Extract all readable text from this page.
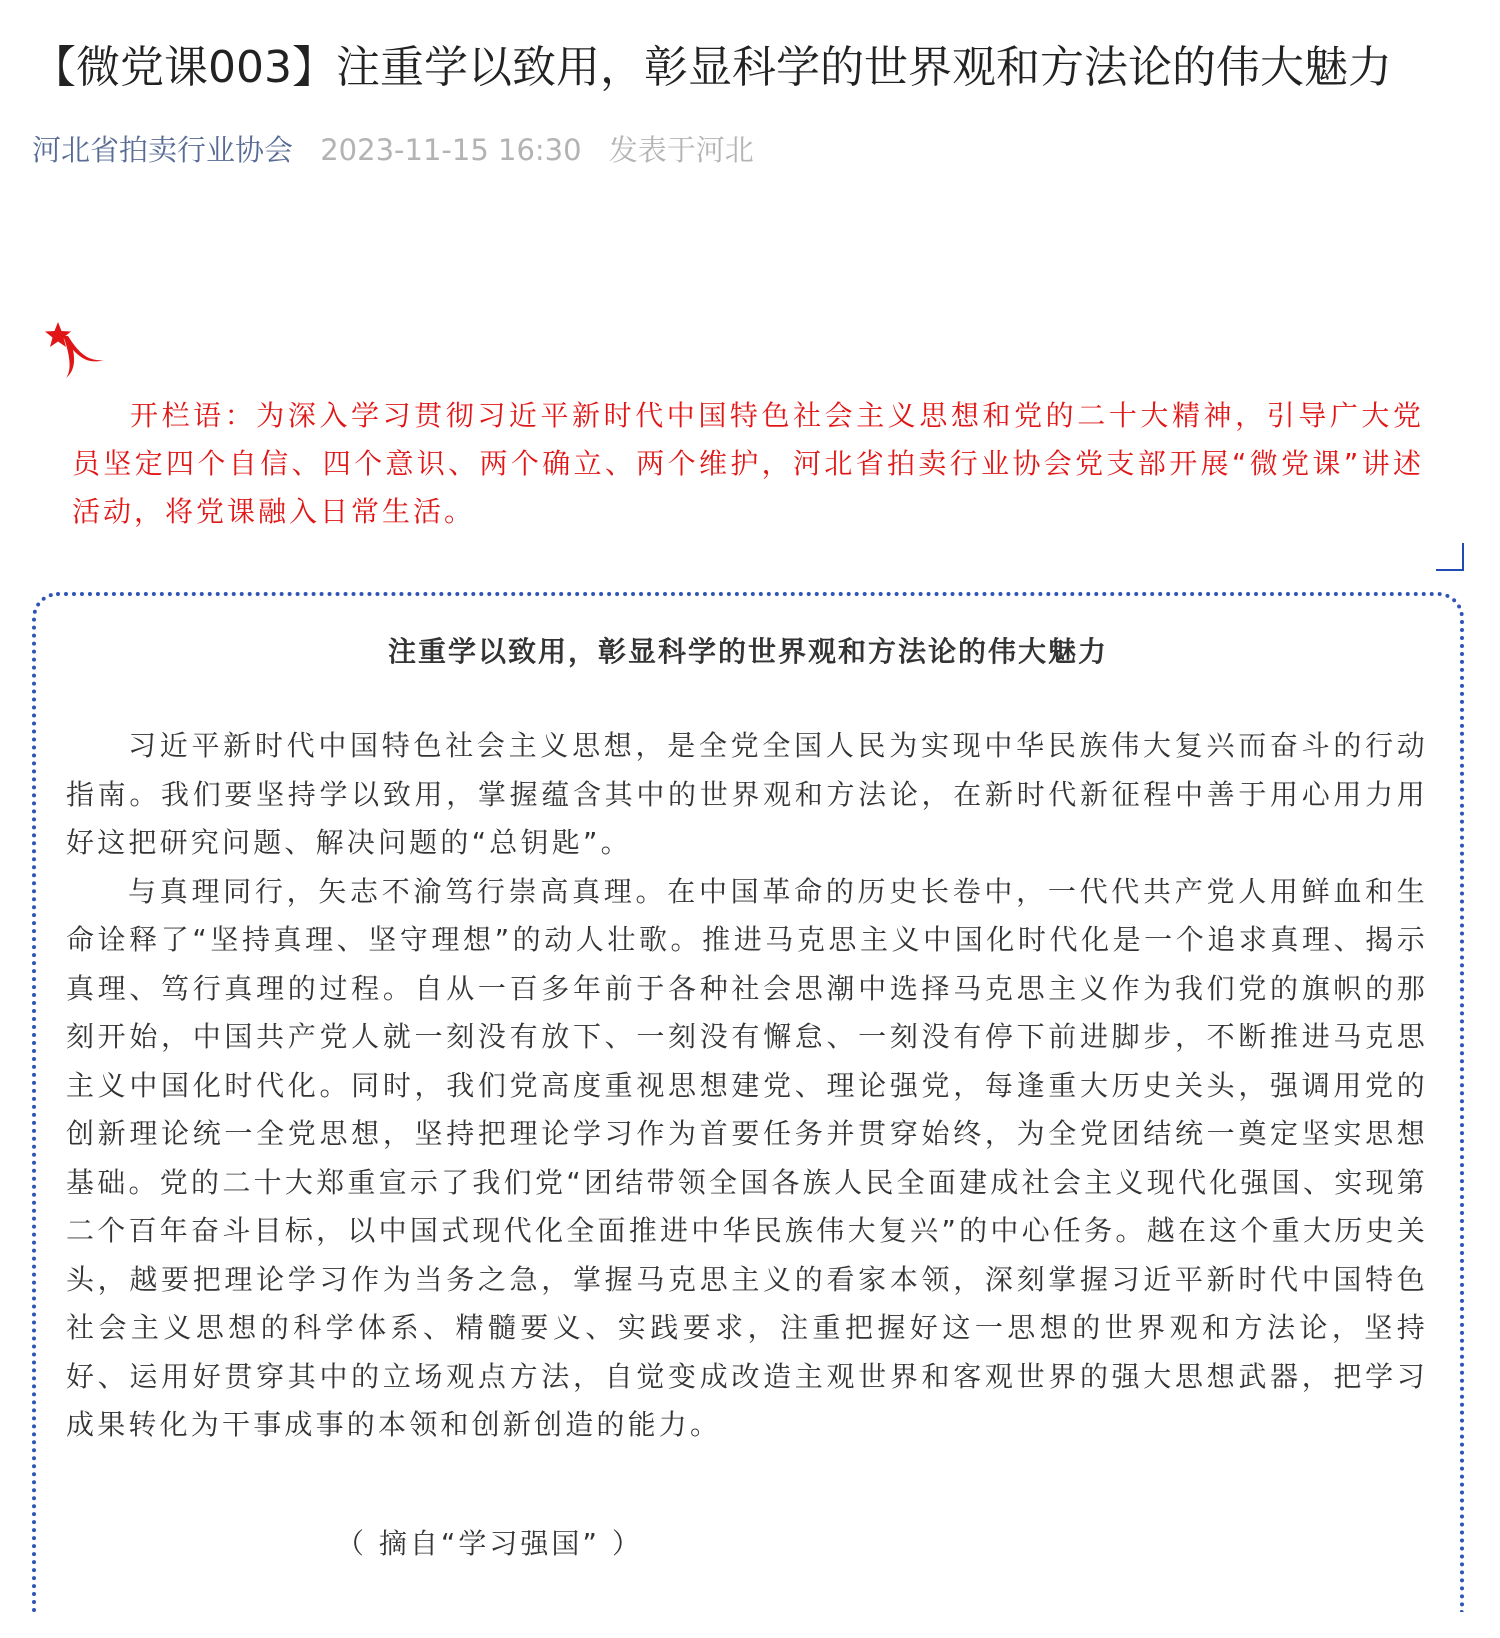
【微党课003】注重学以致用，彰显科学的世界观和方法论的伟大魅力
河北省拍卖行业协会 2023-11-15 16:30 发表于河北

开栏语：为深入学习贯彻习近平新时代中国特色社会主义思想和党的二十大精神，引导广大党员坚定四个自信、四个意识、两个确立、两个维护，河北省拍卖行业协会党支部开展“微党课”讲述活动，将党课融入日常生活。

注重学以致用，彰显科学的世界观和方法论的伟大魅力

习近平新时代中国特色社会主义思想，是全党全国人民为实现中华民族伟大复兴而奋斗的行动指南。我们要坚持学以致用，掌握蕴含其中的世界观和方法论，在新时代新征程中善于用心用力用好这把研究问题、解决问题的“总钥匙”。

与真理同行，矢志不渝笃行崇高真理。在中国革命的历史长卷中，一代代共产党人用鲜血和生命诠释了“坚持真理、坚守理想”的动人壮歌。推进马克思主义中国化时代化是一个追求真理、揭示真理、笃行真理的过程。自从一百多年前于各种社会思潮中选择马克思主义作为我们党的旗帜的那刻开始，中国共产党人就一刻没有放下、一刻没有懈怠、一刻没有停下前进脚步，不断推进马克思主义中国化时代化。同时，我们党高度重视思想建党、理论强党，每逢重大历史关头，强调用党的创新理论统一全党思想，坚持把理论学习作为首要任务并贯穿始终，为全党团结统一奠定坚实思想基础。党的二十大郑重宣示了我们党“团结带领全国各族人民全面建成社会主义现代化强国、实现第二个百年奋斗目标，以中国式现代化全面推进中华民族伟大复兴”的中心任务。越在这个重大历史关头，越要把理论学习作为当务之急，掌握马克思主义的看家本领，深刻掌握习近平新时代中国特色社会主义思想的科学体系、精髓要义、实践要求，注重把握好这一思想的世界观和方法论，坚持好、运用好贯穿其中的立场观点方法，自觉变成改造主观世界和客观世界的强大思想武器，把学习成果转化为干事成事的本领和创新创造的能力。

（ 摘自“学习强国” ）
